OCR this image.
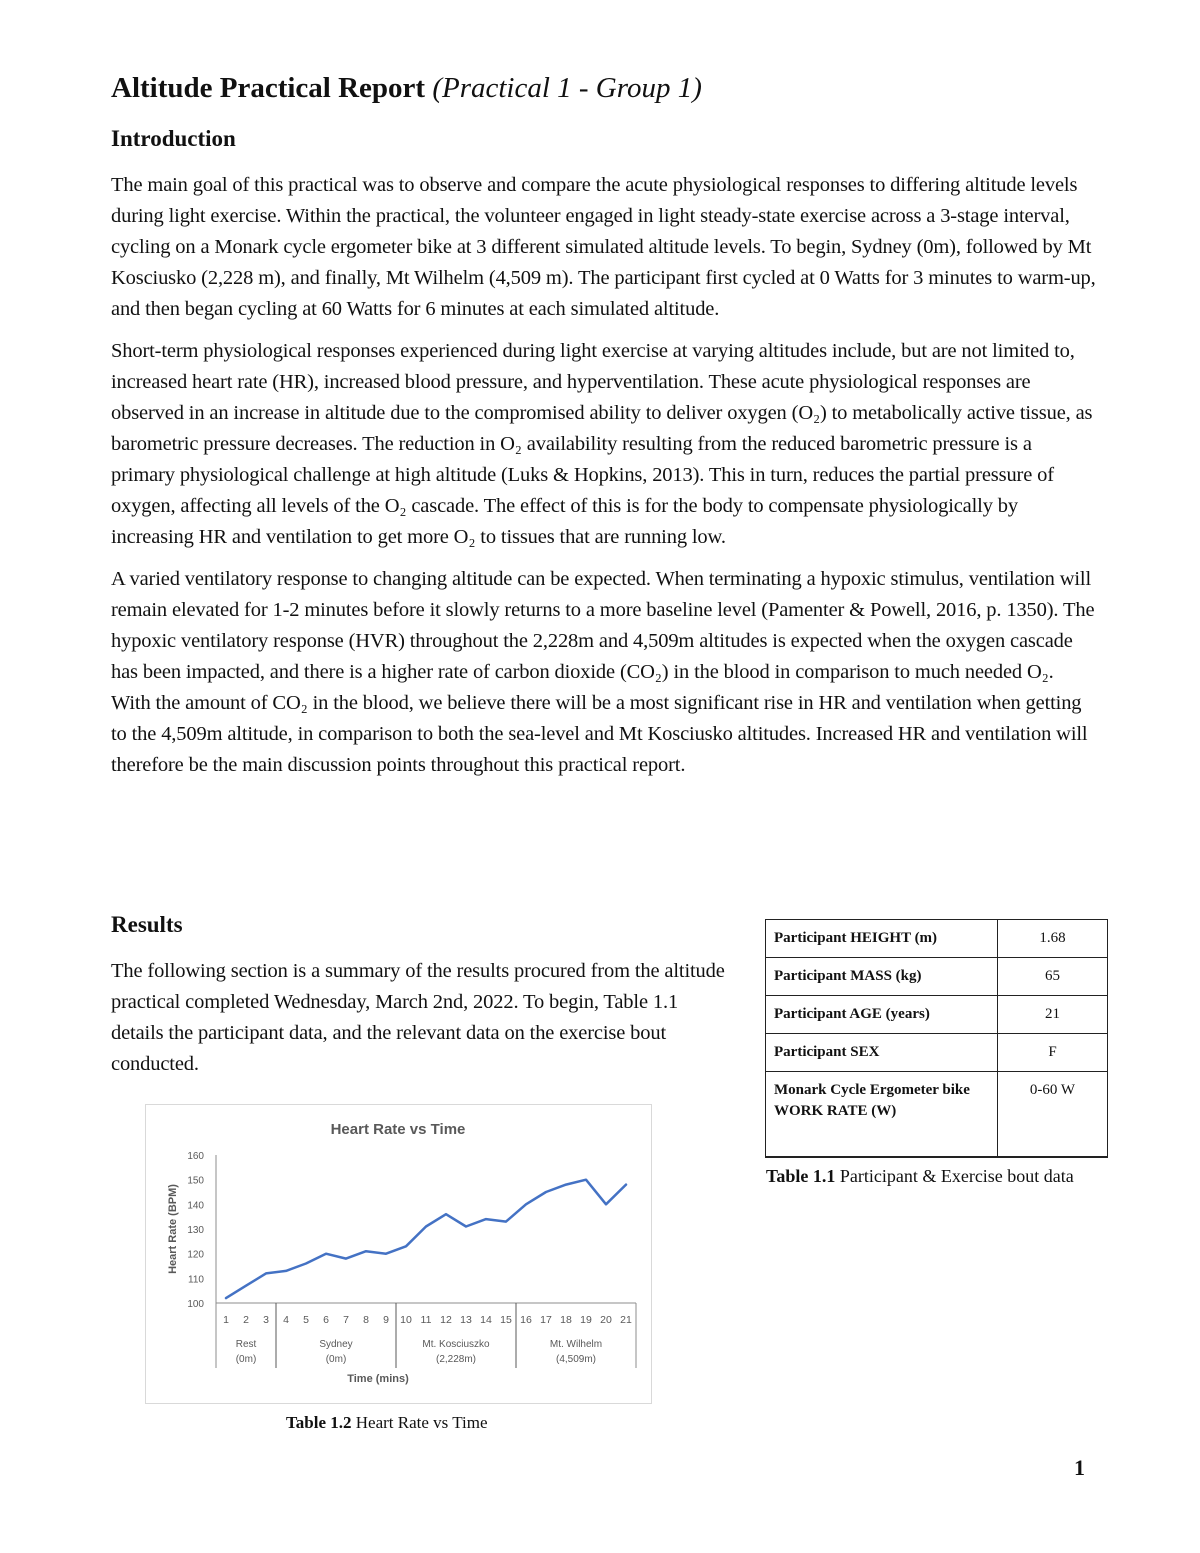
Altitude Practical Report (Practical 1 - Group 1)
Introduction

The main goal of this practical was to observe and compare the acute physiological responses to differing altitude levels during light exercise. Within the practical, the volunteer engaged in light steady-state exercise across a 3-stage interval, cycling on a Monark cycle ergometer bike at 3 different simulated altitude levels. To begin, Sydney (0m), followed by Mt Kosciusko (2,228 m), and finally, Mt Wilhelm (4,509 m). The participant first cycled at 0 Watts for 3 minutes to warm-up, and then began cycling at 60 Watts for 6 minutes at each simulated altitude.

Short-term physiological responses experienced during light exercise at varying altitudes include, but are not limited to, increased heart rate (HR), increased blood pressure, and hyperventilation. These acute physiological responses are observed in an increase in altitude due to the compromised ability to deliver oxygen (O₂) to metabolically active tissue, as barometric pressure decreases. The reduction in O₂ availability resulting from the reduced barometric pressure is a primary physiological challenge at high altitude (Luks & Hopkins, 2013). This in turn, reduces the partial pressure of oxygen, affecting all levels of the O₂ cascade. The effect of this is for the body to compensate physiologically by increasing HR and ventilation to get more O₂ to tissues that are running low.

A varied ventilatory response to changing altitude can be expected. When terminating a hypoxic stimulus, ventilation will remain elevated for 1-2 minutes before it slowly returns to a more baseline level (Pamenter & Powell, 2016, p. 1350). The hypoxic ventilatory response (HVR) throughout the 2,228m and 4,509m altitudes is expected when the oxygen cascade has been impacted, and there is a higher rate of carbon dioxide (CO₂) in the blood in comparison to much needed O₂. With the amount of CO₂ in the blood, we believe there will be a most significant rise in HR and ventilation when getting to the 4,509m altitude, in comparison to both the sea-level and Mt Kosciusko altitudes. Increased HR and ventilation will therefore be the main discussion points throughout this practical report.

Results
The following section is a summary of the results procured from the altitude practical completed Wednesday, March 2nd, 2022. To begin, Table 1.1 details the participant data, and the relevant data on the exercise bout conducted.
Participant HEIGHT (m)	1.68
Participant MASS (kg)	65
Participant AGE (years)	21
Participant SEX	F
Monark Cycle Ergometer bike WORK RATE (W)	0-60 W
Table 1.1 Participant & Exercise bout data
Heart Rate vs Time
100
110
120
130
140
150
160
Heart Rate (BPM)
1 2 3 4 5 6 7 8 9 10 11 12 13 14 15 16 17 18 19 20 21
Rest
(0m)
Sydney
(0m)
Mt. Kosciuszko
(2,228m)
Mt. Wilhelm
(4,509m)
Time (mins)
Table 1.2 Heart Rate vs Time
1
